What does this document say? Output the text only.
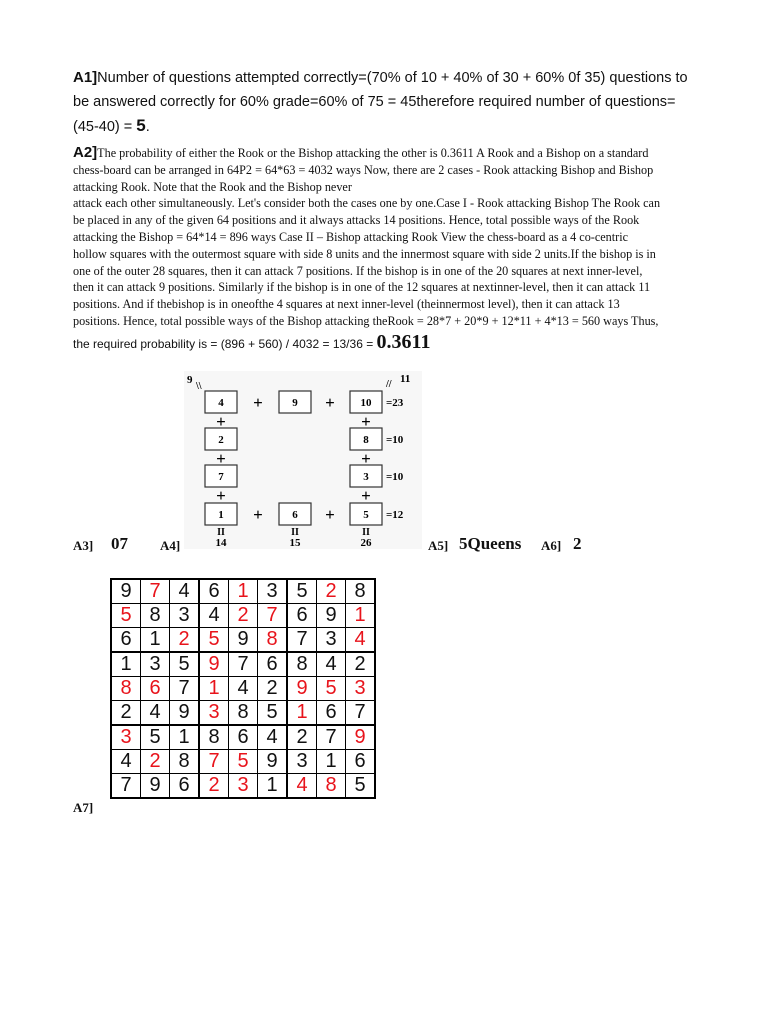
A1]Number of questions attempted correctly=(70% of 10 + 40% of 30 + 60% 0f 35) questions to be answered correctly for 60% grade=60% of 75 = 45therefore required number of questions= (45-40) = 5.
A2]The probability of either the Rook or the Bishop attacking the other is 0.3611 A Rook and a Bishop on a standard
chess-board can be arranged in 64P2 = 64*63 = 4032 ways Now, there are 2 cases - Rook attacking Bishop and Bishop
attacking Rook. Note that the Rook and the Bishop never
attack each other simultaneously. Let's consider both the cases one by one.Case I - Rook attacking Bishop The Rook can
be placed in any of the given 64 positions and it always attacks 14 positions. Hence, total possible ways of the Rook
attacking the Bishop = 64*14 = 896 ways Case II – Bishop attacking Rook View the chess-board as a 4 co-centric
hollow squares with the outermost square with side 8 units and the innermost square with side 2 units.If the bishop is in
one of the outer 28 squares, then it can attack 7 positions. If the bishop is in one of the 20 squares at next inner-level,
then it can attack 9 positions. Similarly if the bishop is in one of the 12 squares at nextinner-level, then it can attack 11
positions. And if thebishop is in oneofthe 4 squares at next inner-level (theinnermost level), then it can attack 13
positions. Hence, total possible ways of the Bishop attacking theRook = 28*7 + 20*9 + 12*11 + 4*13 = 560 ways Thus,
the required probability is = (896 + 560) / 4032 = 13/36 = 0.3611
9
\\
11
//
4	9	10
2
7
8
3
1	6	5
+	+
+	+
+	+
+	+
+	+
=23
=10
=10
=12
II	II	II
14	15	26
A3] 07 A4]	A5] 5Queens A6] 2
9	7	4	6	1	3	5	2	8
5	8	3	4	2	7	6	9	1
6	1	2	5	9	8	7	3	4
1	3	5	9	7	6	8	4	2
8	6	7	1	4	2	9	5	3
2	4	9	3	8	5	1	6	7
3	5	1	8	6	4	2	7	9
4	2	8	7	5	9	3	1	6
7	9	6	2	3	1	4	8	5
A7]
